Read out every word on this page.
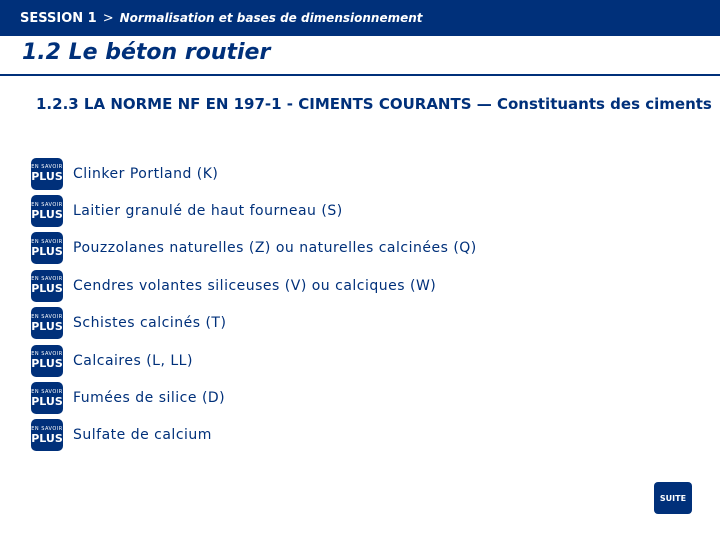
SESSION 1 > Normalisation et bases de dimensionnement
1.2 Le béton routier
1.2.3 LA NORME NF EN 197-1 - CIMENTS COURANTS — Constituants des ciments
EN SAVOIR
PLUS Clinker Portland (K)
EN SAVOIR
PLUS Laitier granulé de haut fourneau (S)
EN SAVOIR
PLUS Pouzzolanes naturelles (Z) ou naturelles calcinées (Q)
EN SAVOIR
PLUS Cendres volantes siliceuses (V) ou calciques (W)
EN SAVOIR
PLUS Schistes calcinés (T)
EN SAVOIR
PLUS Calcaires (L, LL)
EN SAVOIR
PLUS Fumées de silice (D)
EN SAVOIR
PLUS Sulfate de calcium
SUITE
